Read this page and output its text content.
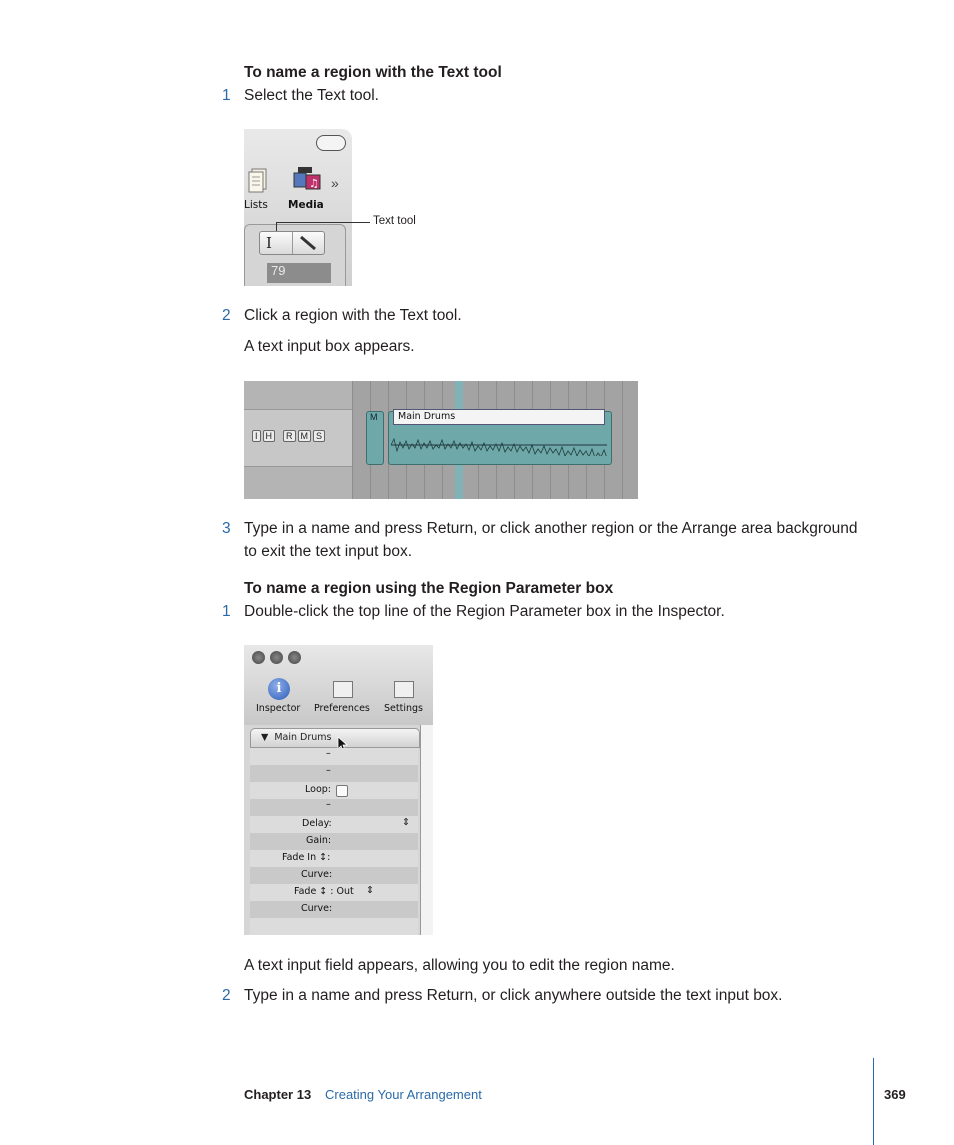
To name a region with the Text tool
1 Select the Text tool.
♫ »
Lists Media
I
79
Text tool
2 Click a region with the Text tool.
A text input box appears.
I H	R M S
M	Main Drums
3 Type in a name and press Return, or click another region or the Arrange area background
to exit the text input box.
To name a region using the Region Parameter box
1 Double-click the top line of the Region Parameter box in the Inspector.
i
Inspector Preferences Settings
▼ Main Drums
–
–
Loop:
–
Delay:	⇕
Gain:
Fade In ↕:
Curve:
Fade ↕ : Out ⇕
Curve:
A text input field appears, allowing you to edit the region name.
2 Type in a name and press Return, or click anywhere outside the text input box.
Chapter 13 Creating Your Arrangement	369
